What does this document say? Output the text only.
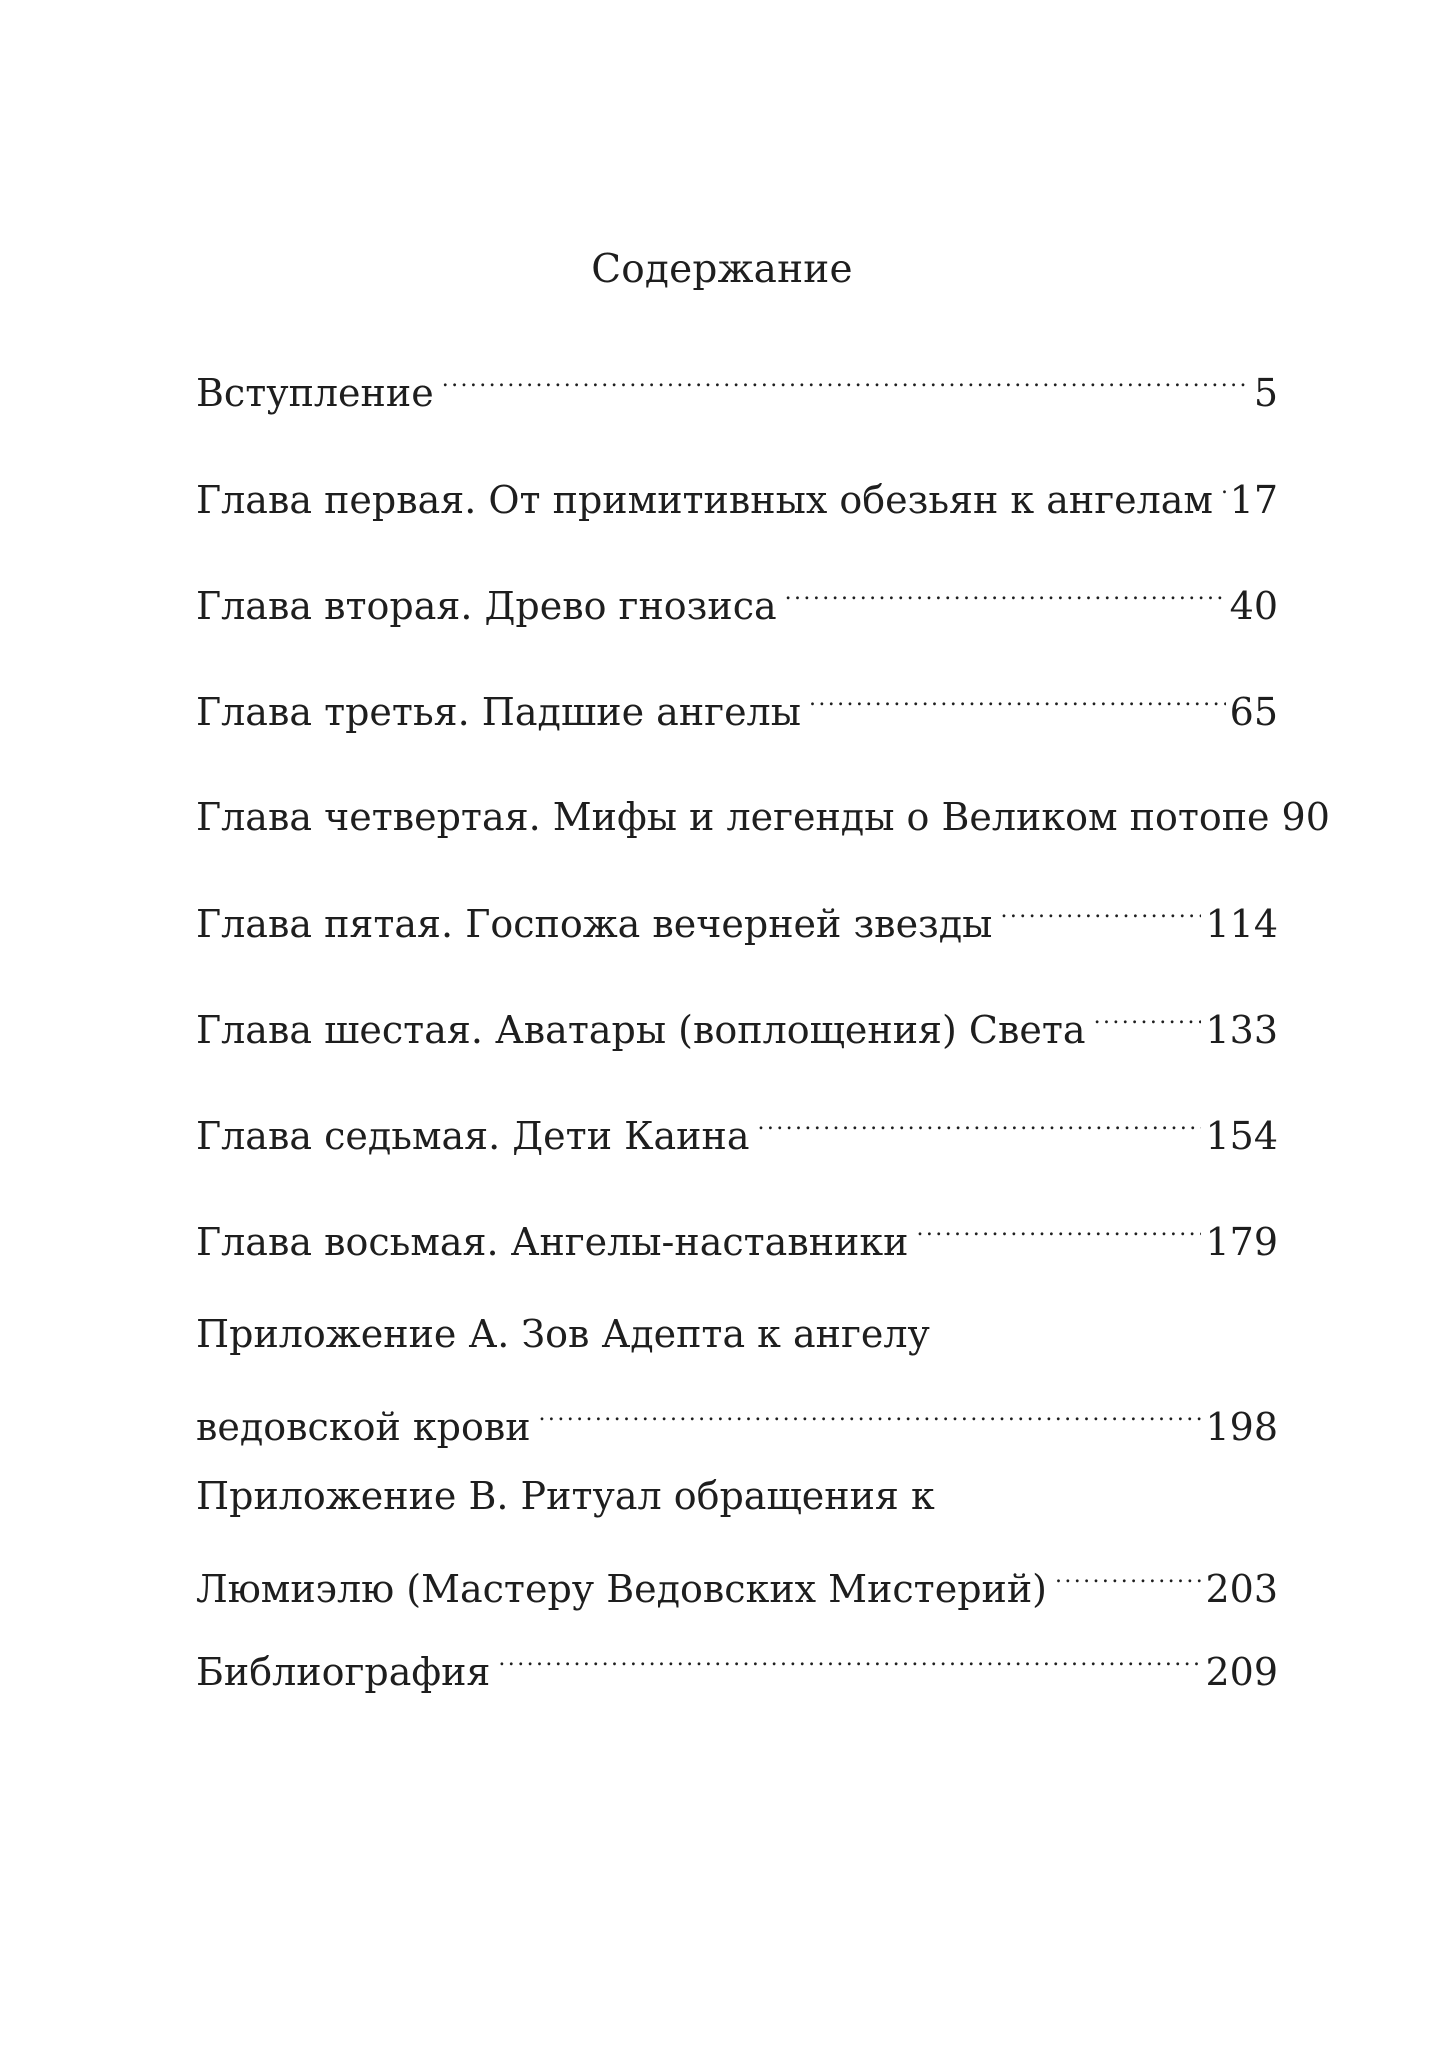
Содержание
Вступление . . .	5
Глава первая. От примитивных обезьян к ангелам . . . 17
Глава вторая. Древо гнозиса . . .	40
Глава третья. Падшие ангелы . . .	65
Глава четвертая. Мифы и легенды о Великом потопе 90
Глава пятая. Госпожа вечерней звезды . . .	114
Глава шестая. Аватары (воплощения) Света . . .	133
Глава седьмая. Дети Каина . . .	154
Глава восьмая. Ангелы-наставники . . .	179
Приложение А. Зов Адепта к ангелу
ведовской крови . . .	198
Приложение В. Ритуал обращения к
Люмиэлю (Мастеру Ведовских Мистерий) . . .	203
Библиография . . .	209
